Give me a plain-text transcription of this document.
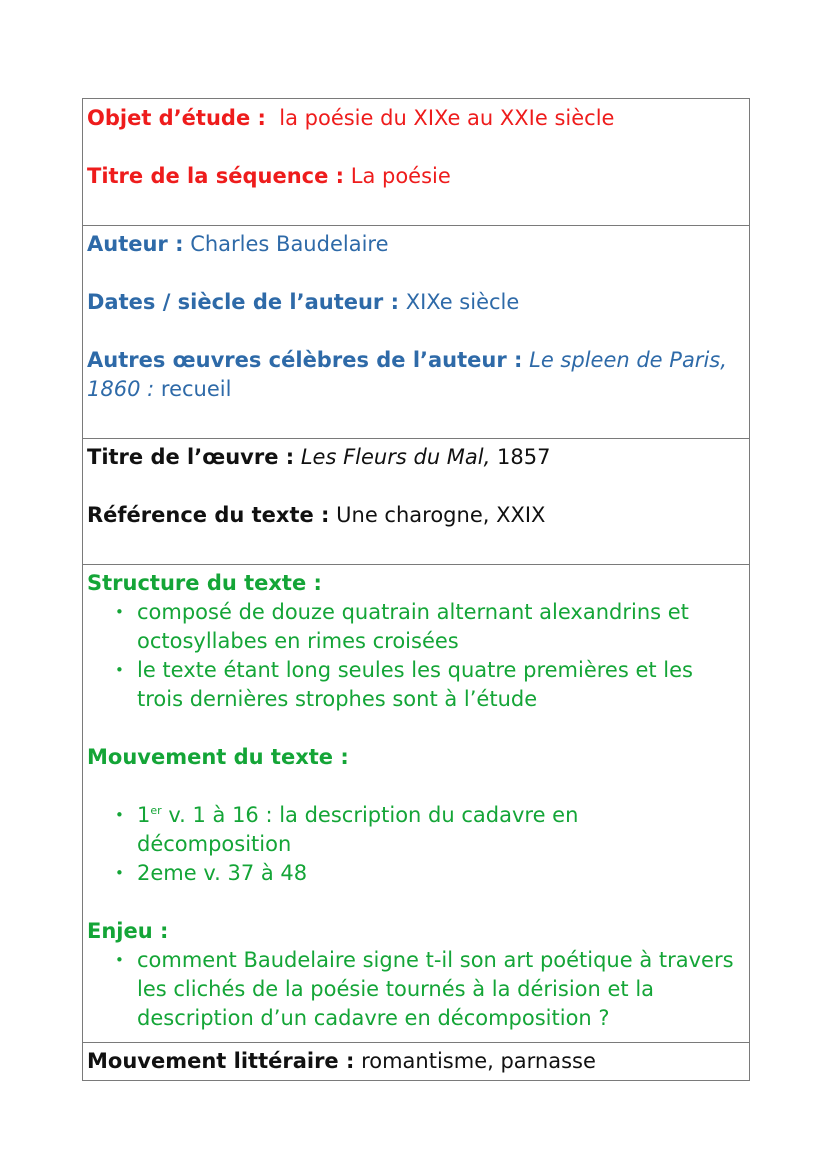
Objet d’étude : la poésie du XIXe au XXIe siècle

Titre de la séquence : La poésie

Auteur : Charles Baudelaire

Dates / siècle de l’auteur : XIXe siècle

Autres œuvres célèbres de l’auteur : Le spleen de Paris,

1860 : recueil

Titre de l’œuvre : Les Fleurs du Mal, 1857

Référence du texte : Une charogne, XXIX

Structure du texte :

• composé de douze quatrain alternant alexandrins et
octosyllabes en rimes croisées
• le texte étant long seules les quatre premières et les
trois dernières strophes sont à l’étude

Mouvement du texte :

• 1er v. 1 à 16 : la description du cadavre en
décomposition
• 2eme v. 37 à 48

Enjeu :

• comment Baudelaire signe t-il son art poétique à travers
les clichés de la poésie tournés à la dérision et la
description d’un cadavre en décomposition ?

Mouvement littéraire : romantisme, parnasse
